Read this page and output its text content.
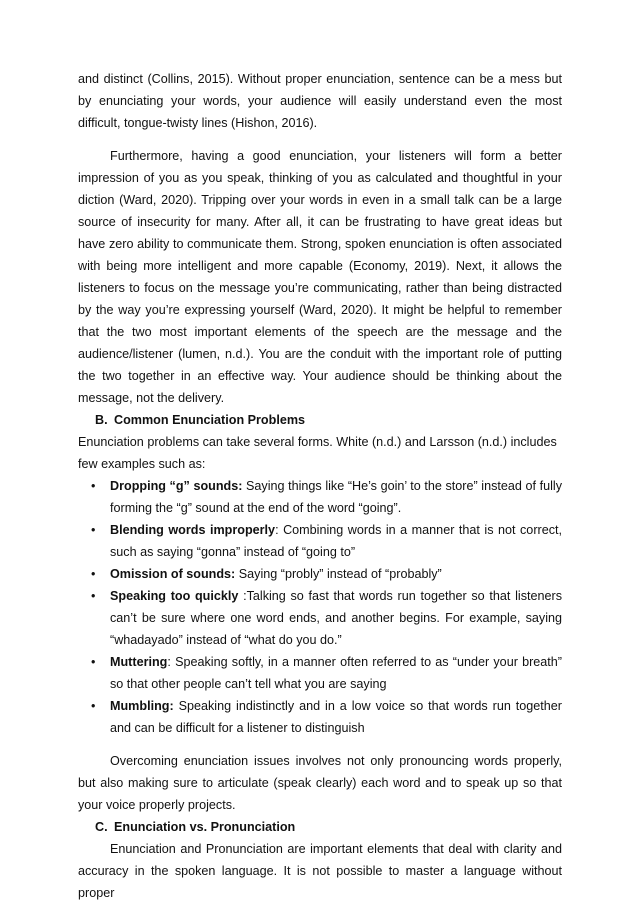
and distinct (Collins, 2015). Without proper enunciation, sentence can be a mess but by enunciating your words, your audience will easily understand even the most difficult, tongue-twisty lines (Hishon, 2016).

Furthermore, having a good enunciation, your listeners will form a better impression of you as you speak, thinking of you as calculated and thoughtful in your diction (Ward, 2020). Tripping over your words in even in a small talk can be a large source of insecurity for many. After all, it can be frustrating to have great ideas but have zero ability to communicate them. Strong, spoken enunciation is often associated with being more intelligent and more capable (Economy, 2019). Next, it allows the listeners to focus on the message you’re communicating, rather than being distracted by the way you’re expressing yourself (Ward, 2020). It might be helpful to remember that the two most important elements of the speech are the message and the audience/listener (lumen, n.d.). You are the conduit with the important role of putting the two together in an effective way. Your audience should be thinking about the message, not the delivery.

B. Common Enunciation Problems

Enunciation problems can take several forms. White (n.d.) and Larsson (n.d.) includes few examples such as:

• Dropping “g” sounds: Saying things like “He’s goin’ to the store” instead of fully forming the “g” sound at the end of the word “going”.
• Blending words improperly: Combining words in a manner that is not correct, such as saying “gonna” instead of “going to”
• Omission of sounds: Saying “probly” instead of “probably”
• Speaking too quickly :Talking so fast that words run together so that listeners can’t be sure where one word ends, and another begins. For example, saying “whadayado” instead of “what do you do.”
• Muttering: Speaking softly, in a manner often referred to as “under your breath” so that other people can’t tell what you are saying
• Mumbling: Speaking indistinctly and in a low voice so that words run together and can be difficult for a listener to distinguish

Overcoming enunciation issues involves not only pronouncing words properly, but also making sure to articulate (speak clearly) each word and to speak up so that your voice properly projects.

C. Enunciation vs. Pronunciation

Enunciation and Pronunciation are important elements that deal with clarity and accuracy in the spoken language. It is not possible to master a language without proper
